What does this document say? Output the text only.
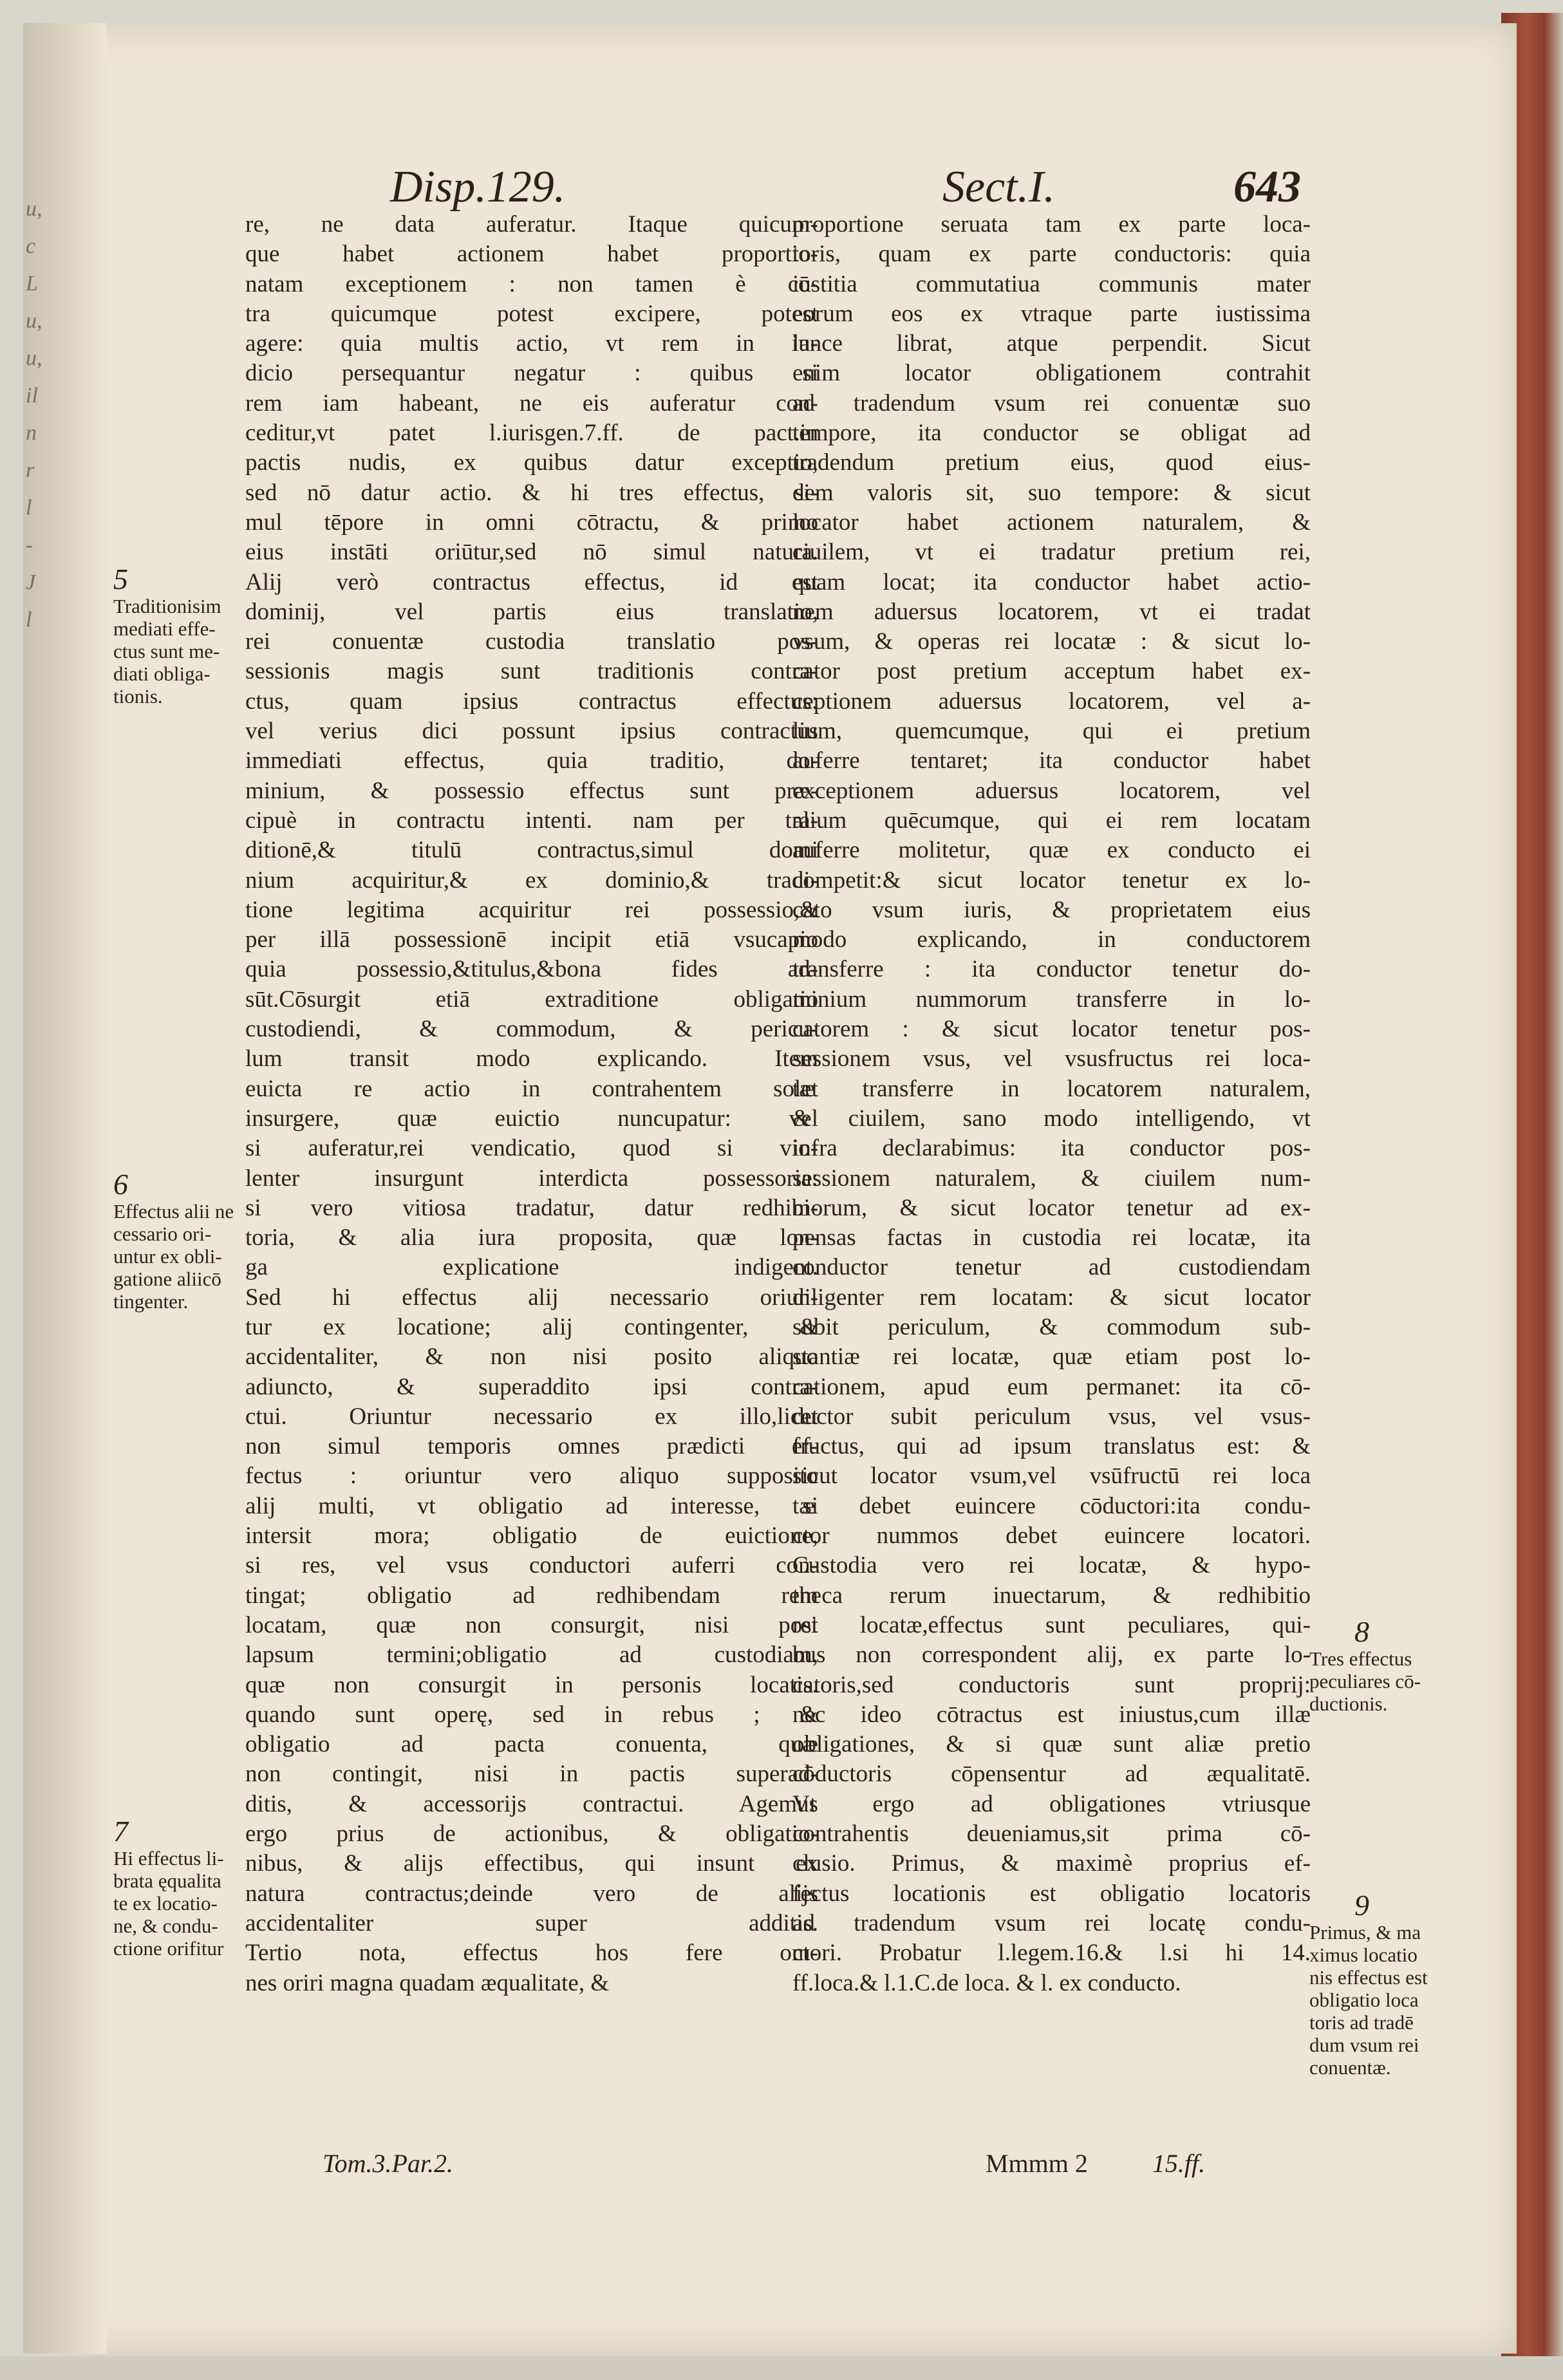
u,
c
L
u,
u,
il
n
r
l
-
J
l
Disp.129.	Sect.I.	643
re, ne data auferatur. Itaque quicum-
que habet actionem habet proportio-
natam exceptionem : non tamen è cō-
tra quicumque potest excipere, potest
agere: quia multis actio, vt rem in iu-
dicio persequantur negatur : quibus si
rem iam habeant, ne eis auferatur con-
ceditur,vt patet l.iurisgen.7.ff. de pact.in
pactis nudis, ex quibus datur exceptio,
sed nō datur actio. & hi tres effectus, si-
mul tēpore in omni cōtractu, & primo
eius instāti oriūtur,sed nō simul natura.
Alij verò contractus effectus, id est
dominij, vel partis eius translatio,
rei conuentæ custodia translatio pos-
sessionis magis sunt traditionis contra-
ctus, quam ipsius contractus effectus:
vel verius dici possunt ipsius contractus
immediati effectus, quia traditio, do-
minium, & possessio effectus sunt præ-
cipuè in contractu intenti. nam per tra-
ditionē,& titulū contractus,simul domi
nium acquiritur,& ex dominio,& tradi-
tione legitima acquiritur rei possessio,&
per illā possessionē incipit etiā vsucapio
quia possessio,&titulus,&bona fides ad-
sūt.Cōsurgit etiā extraditione obligatio
custodiendi, & commodum, & pericu-
lum transit modo explicando. Item
euicta re actio in contrahentem solet
insurgere, quæ euictio nuncupatur: vel
si auferatur,rei vendicatio, quod si vio-
lenter insurgunt interdicta possessoria:
si vero vitiosa tradatur, datur redhibi-
toria, & alia iura proposita, quæ lon-
ga explicatione indigent.
Sed hi effectus alij necessario oriun-
tur ex locatione; alij contingenter, &
accidentaliter, & non nisi posito aliquo
adiuncto, & superaddito ipsi contra-
ctui. Oriuntur necessario ex illo,licet
non simul temporis omnes prædicti ef-
fectus : oriuntur vero aliquo supposito
alij multi, vt obligatio ad interesse, si
intersit mora; obligatio de euictione,
si res, vel vsus conductori auferri con-
tingat; obligatio ad redhibendam rem
locatam, quæ non consurgit, nisi post
lapsum termini;obligatio ad custodiam,
quæ non consurgit in personis locatis.
quando sunt operę, sed in rebus ; &
obligatio ad pacta conuenta, quæ
non contingit, nisi in pactis superad-
ditis, & accessorijs contractui. Agemus
ergo prius de actionibus, & obligatio-
nibus, & alijs effectibus, qui insunt ex
natura contractus;deinde vero de alijs
accidentaliter super additis.
Tertio nota, effectus hos fere om-
nes oriri magna quadam æqualitate, &
proportione seruata tam ex parte loca-
toris, quam ex parte conductoris: quia
iustitia commutatiua communis mater
eorum eos ex vtraque parte iustissima
lance librat, atque perpendit. Sicut
enim locator obligationem contrahit
ad tradendum vsum rei conuentæ suo
tempore, ita conductor se obligat ad
tradendum pretium eius, quod eius-
dem valoris sit, suo tempore: & sicut
locator habet actionem naturalem, &
ciuilem, vt ei tradatur pretium rei,
quam locat; ita conductor habet actio-
nem aduersus locatorem, vt ei tradat
vsum, & operas rei locatæ : & sicut lo-
cator post pretium acceptum habet ex-
ceptionem aduersus locatorem, vel a-
lium, quemcumque, qui ei pretium
auferre tentaret; ita conductor habet
exceptionem aduersus locatorem, vel
alium quēcumque, qui ei rem locatam
auferre molitetur, quæ ex conducto ei
competit:& sicut locator tenetur ex lo-
cato vsum iuris, & proprietatem eius
modo explicando, in conductorem
transferre : ita conductor tenetur do-
minium nummorum transferre in lo-
catorem : & sicut locator tenetur pos-
sessionem vsus, vel vsusfructus rei loca-
tæ transferre in locatorem naturalem,
& ciuilem, sano modo intelligendo, vt
infra declarabimus: ita conductor pos-
sessionem naturalem, & ciuilem num-
morum, & sicut locator tenetur ad ex-
pensas factas in custodia rei locatæ, ita
conductor tenetur ad custodiendam
diligenter rem locatam: & sicut locator
subit periculum, & commodum sub-
stantiæ rei locatæ, quæ etiam post lo-
cationem, apud eum permanet: ita cō-
ductor subit periculum vsus, vel vsus-
fructus, qui ad ipsum translatus est: &
sicut locator vsum,vel vsūfructū rei loca
tæ debet euincere cōductori:ita condu-
ctor nummos debet euincere locatori.
Custodia vero rei locatæ, & hypo-
theca rerum inuectarum, & redhibitio
rei locatæ,effectus sunt peculiares, qui-
bus non correspondent alij, ex parte lo-
catoris,sed conductoris sunt proprij:
nec ideo cōtractus est iniustus,cum illæ
obligationes, & si quæ sunt aliæ pretio
cōductoris cōpensentur ad æqualitatē.
Vt ergo ad obligationes vtriusque
contrahentis deueniamus,sit prima cō-
clusio. Primus, & maximè proprius ef-
fectus locationis est obligatio locatoris
ad tradendum vsum rei locatę condu-
ctori. Probatur l.legem.16.& l.si hi 14.
ff.loca.& l.1.C.de loca. & l. ex conducto.
5
Traditionisim
mediati effe-
ctus sunt me-
diati obliga-
tionis.
6
Effectus alii ne
cessario ori-
untur ex obli-
gatione aliicō
tingenter.
7
Hi effectus li-
brata ęqualita
te ex locatio-
ne, & condu-
ctione orifitur
8
Tres effectus
peculiares cō-
ductionis.
9
Primus, & ma
ximus locatio
nis effectus est
obligatio loca
toris ad tradē
dum vsum rei
conuentæ.
Tom.3.Par.2.	Mmmm 2	15.ff.
